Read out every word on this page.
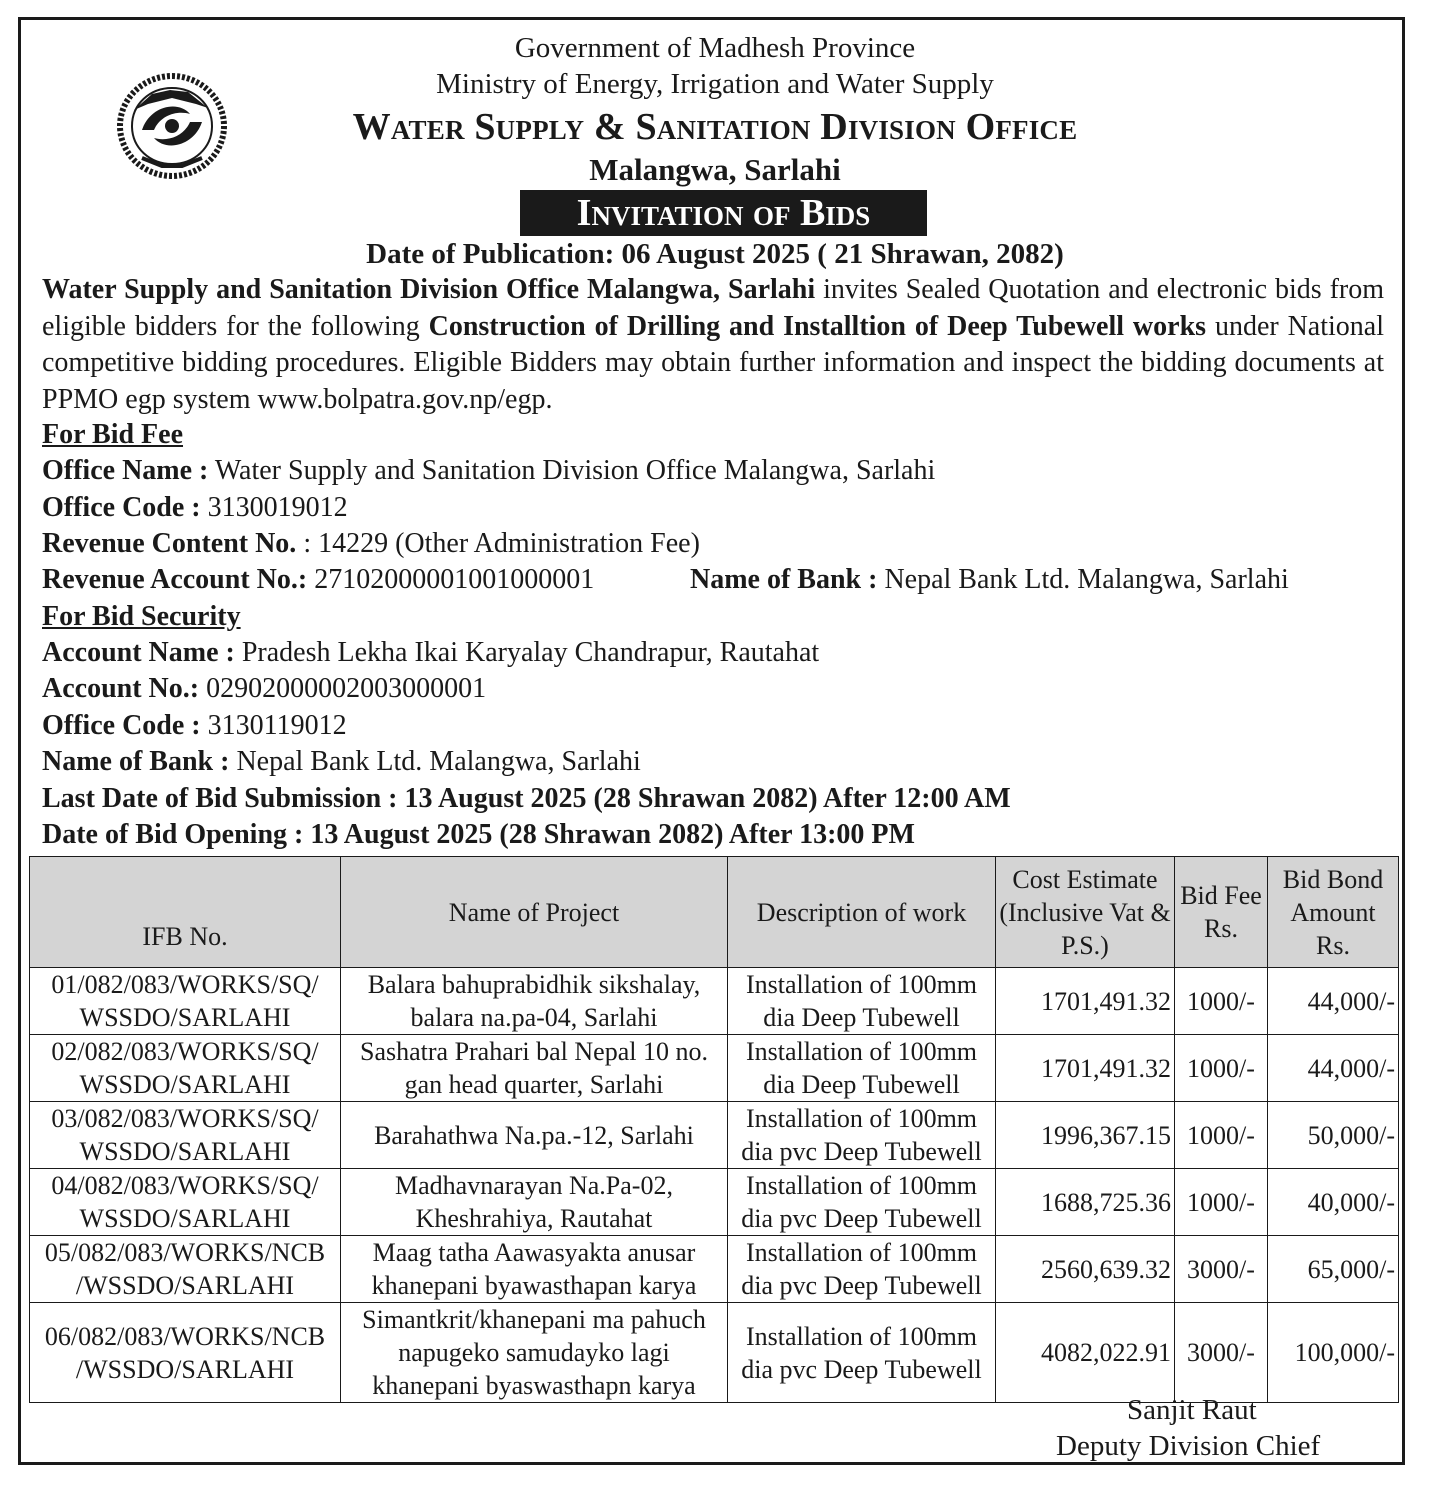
Government of Madhesh Province
Ministry of Energy, Irrigation and Water Supply
Water Supply & Sanitation Division Office
Malangwa, Sarlahi
Invitation of Bids
Date of Publication: 06 August 2025 ( 21 Shrawan, 2082)
Water Supply and Sanitation Division Office Malangwa, Sarlahi invites Sealed Quotation and electronic bids from eligible bidders for the following Construction of Drilling and Installtion of Deep Tubewell works under National competitive bidding procedures. Eligible Bidders may obtain further information and inspect the bidding documents at PPMO egp system www.bolpatra.gov.np/egp.
For Bid Fee
Office Name : Water Supply and Sanitation Division Office Malangwa, Sarlahi
Office Code : 3130019012
Revenue Content No. : 14229 (Other Administration Fee)
Revenue Account No.: 27102000001001000001	Name of Bank : Nepal Bank Ltd. Malangwa, Sarlahi
For Bid Security
Account Name : Pradesh Lekha Ikai Karyalay Chandrapur, Rautahat
Account No.: 02902000002003000001
Office Code : 3130119012
Name of Bank : Nepal Bank Ltd. Malangwa, Sarlahi
Last Date of Bid Submission : 13 August 2025 (28 Shrawan 2082) After 12:00 AM
Date of Bid Opening : 13 August 2025 (28 Shrawan 2082) After 13:00 PM
IFB No.	Name of Project	Description of work	Cost Estimate (Inclusive Vat & P.S.)	Bid Fee Rs.	Bid Bond Amount Rs.
01/082/083/WORKS/SQ/ WSSDO/SARLAHI	Balara bahuprabidhik sikshalay, balara na.pa-04, Sarlahi	Installation of 100mm dia Deep Tubewell	1701,491.32	1000/-	44,000/-
02/082/083/WORKS/SQ/ WSSDO/SARLAHI	Sashatra Prahari bal Nepal 10 no. gan head quarter, Sarlahi	Installation of 100mm dia Deep Tubewell	1701,491.32	1000/-	44,000/-
03/082/083/WORKS/SQ/ WSSDO/SARLAHI	Barahathwa Na.pa.-12, Sarlahi	Installation of 100mm dia pvc Deep Tubewell	1996,367.15	1000/-	50,000/-
04/082/083/WORKS/SQ/ WSSDO/SARLAHI	Madhavnarayan Na.Pa-02, Kheshrahiya, Rautahat	Installation of 100mm dia pvc Deep Tubewell	1688,725.36	1000/-	40,000/-
05/082/083/WORKS/NCB /WSSDO/SARLAHI	Maag tatha Aawasyakta anusar khanepani byawasthapan karya	Installation of 100mm dia pvc Deep Tubewell	2560,639.32	3000/-	65,000/-
06/082/083/WORKS/NCB /WSSDO/SARLAHI	Simantkrit/khanepani ma pahuch napugeko samudayko lagi khanepani byaswasthapn karya	Installation of 100mm dia pvc Deep Tubewell	4082,022.91	3000/-	100,000/-
Sanjit Raut
Deputy Division Chief
